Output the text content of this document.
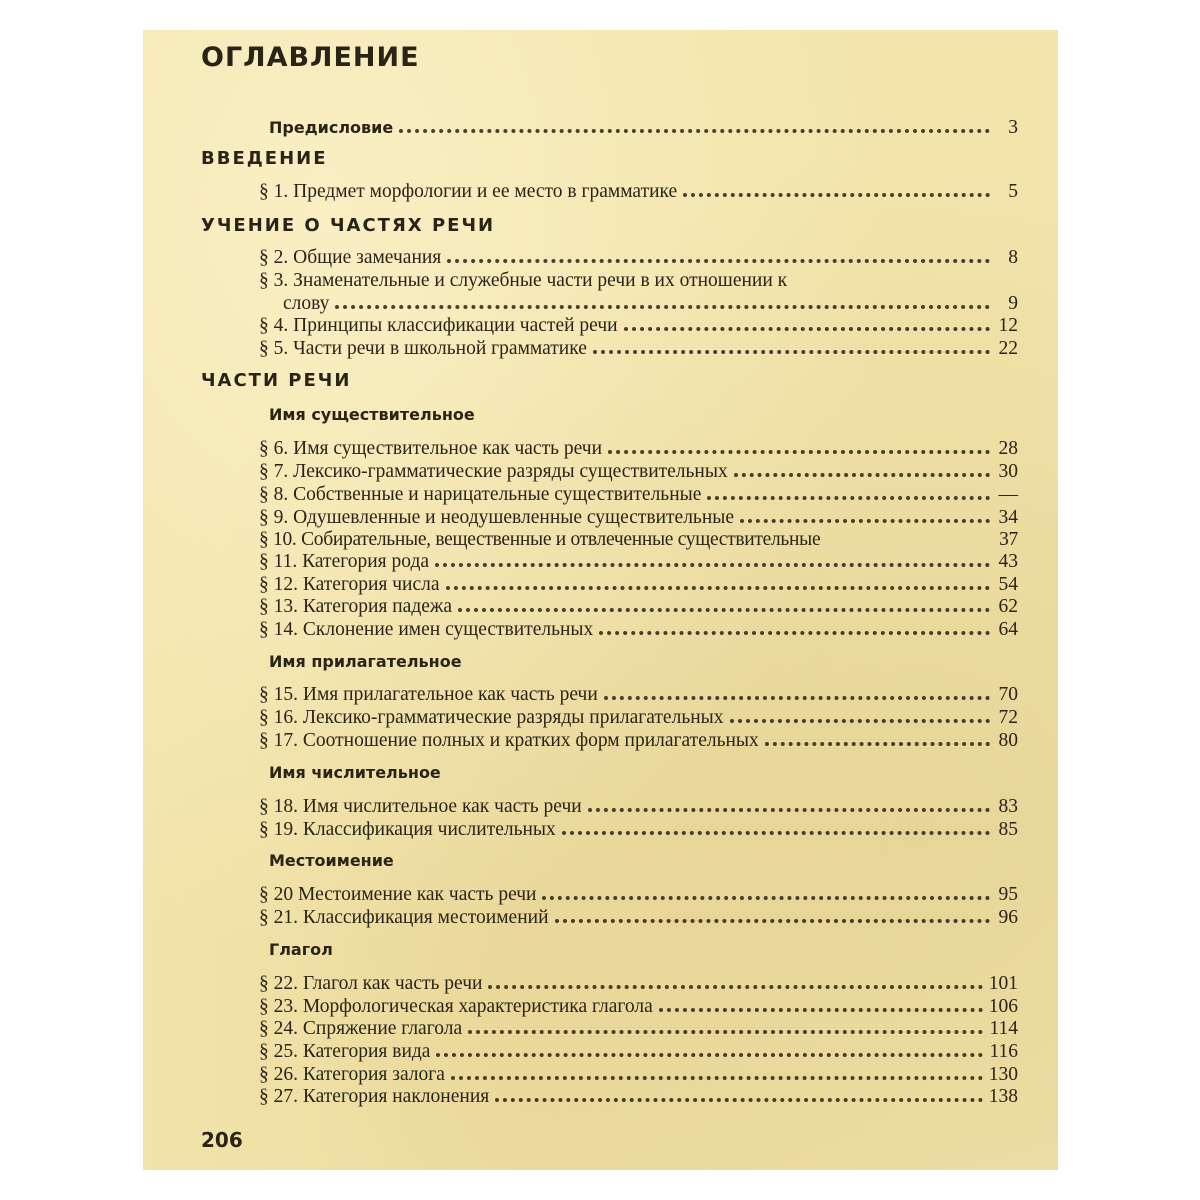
ОГЛАВЛЕНИЕ
Предисловие	3
ВВЕДЕНИЕ
§ 1. Предмет морфологии и ее место в грамматике	5
УЧЕНИЕ О ЧАСТЯХ РЕЧИ
§ 2. Общие замечания	8
§ 3. Знаменательные и служебные части речи в их отношении к
слову	9
§ 4. Принципы классификации частей речи	12
§ 5. Части речи в школьной грамматике	22
ЧАСТИ РЕЧИ
Имя существительное
§ 6. Имя существительное как часть речи	28
§ 7. Лексико-грамматические разряды существительных	30
§ 8. Собственные и нарицательные существительные	—
§ 9. Одушевленные и неодушевленные существительные	34
§ 10. Собирательные, вещественные и отвлеченные существительные	37
§ 11. Категория рода	43
§ 12. Категория числа	54
§ 13. Категория падежа	62
§ 14. Склонение имен существительных	64
Имя прилагательное
§ 15. Имя прилагательное как часть речи	70
§ 16. Лексико-грамматические разряды прилагательных	72
§ 17. Соотношение полных и кратких форм прилагательных	80
Имя числительное
§ 18. Имя числительное как часть речи	83
§ 19. Классификация числительных	85
Местоимение
§ 20 Местоимение как часть речи	95
§ 21. Классификация местоимений	96
Глагол
§ 22. Глагол как часть речи	101
§ 23. Морфологическая характеристика глагола	106
§ 24. Спряжение глагола	114
§ 25. Категория вида	116
§ 26. Категория залога	130
§ 27. Категория наклонения	138
206
